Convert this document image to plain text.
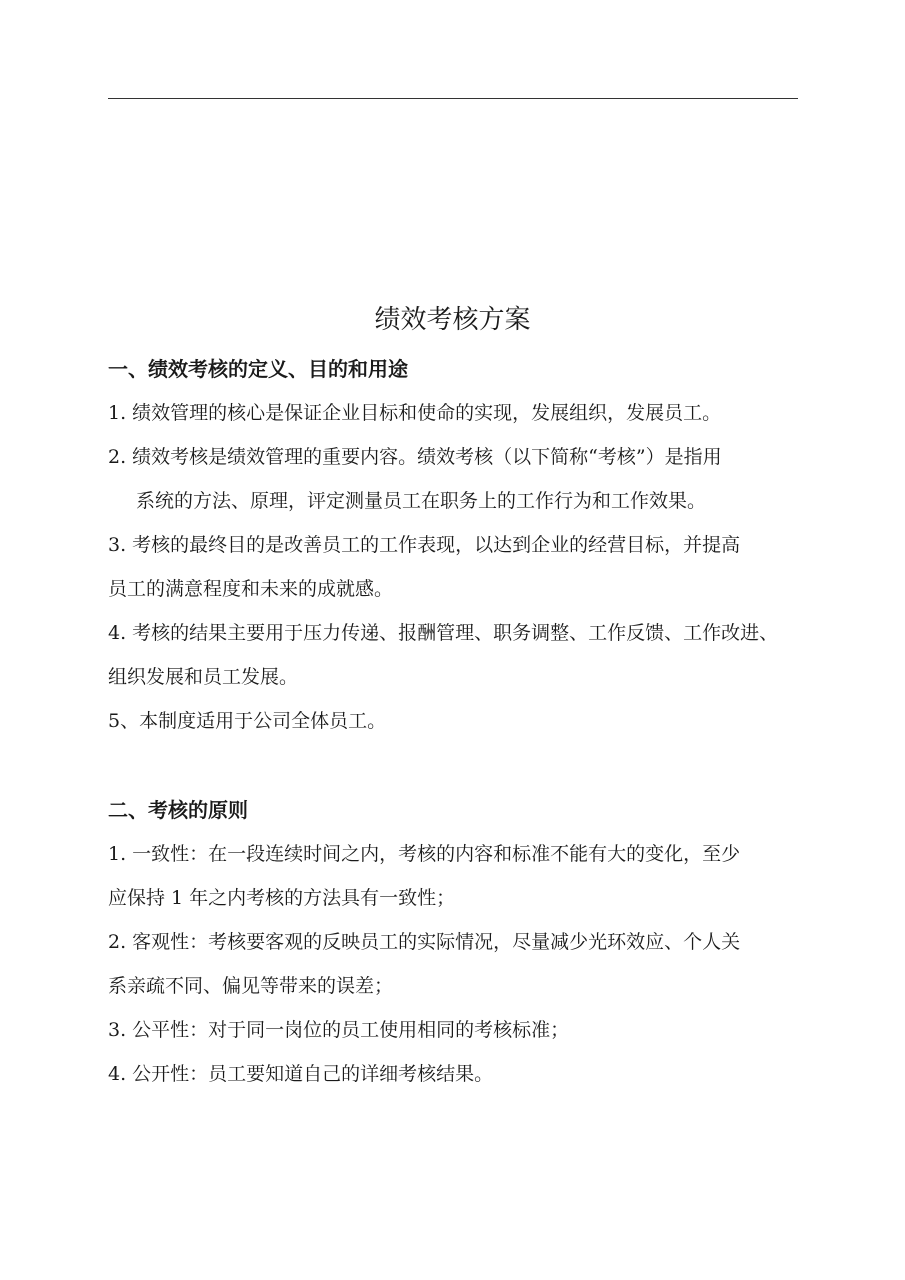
绩效考核方案
一、绩效考核的定义、目的和用途

1. 绩效管理的核心是保证企业目标和使命的实现，发展组织，发展员工。

2. 绩效考核是绩效管理的重要内容。绩效考核（以下简称“考核”）是指用

系统的方法、原理，评定测量员工在职务上的工作行为和工作效果。

3. 考核的最终目的是改善员工的工作表现，以达到企业的经营目标，并提高

员工的满意程度和未来的成就感。

4. 考核的结果主要用于压力传递、报酬管理、职务调整、工作反馈、工作改进、

组织发展和员工发展。

5、本制度适用于公司全体员工。

二、考核的原则

1. 一致性：在一段连续时间之内，考核的内容和标准不能有大的变化，至少

应保持 1 年之内考核的方法具有一致性；

2. 客观性：考核要客观的反映员工的实际情况，尽量减少光环效应、个人关

系亲疏不同、偏见等带来的误差；

3. 公平性：对于同一岗位的员工使用相同的考核标准；

4. 公开性：员工要知道自己的详细考核结果。
